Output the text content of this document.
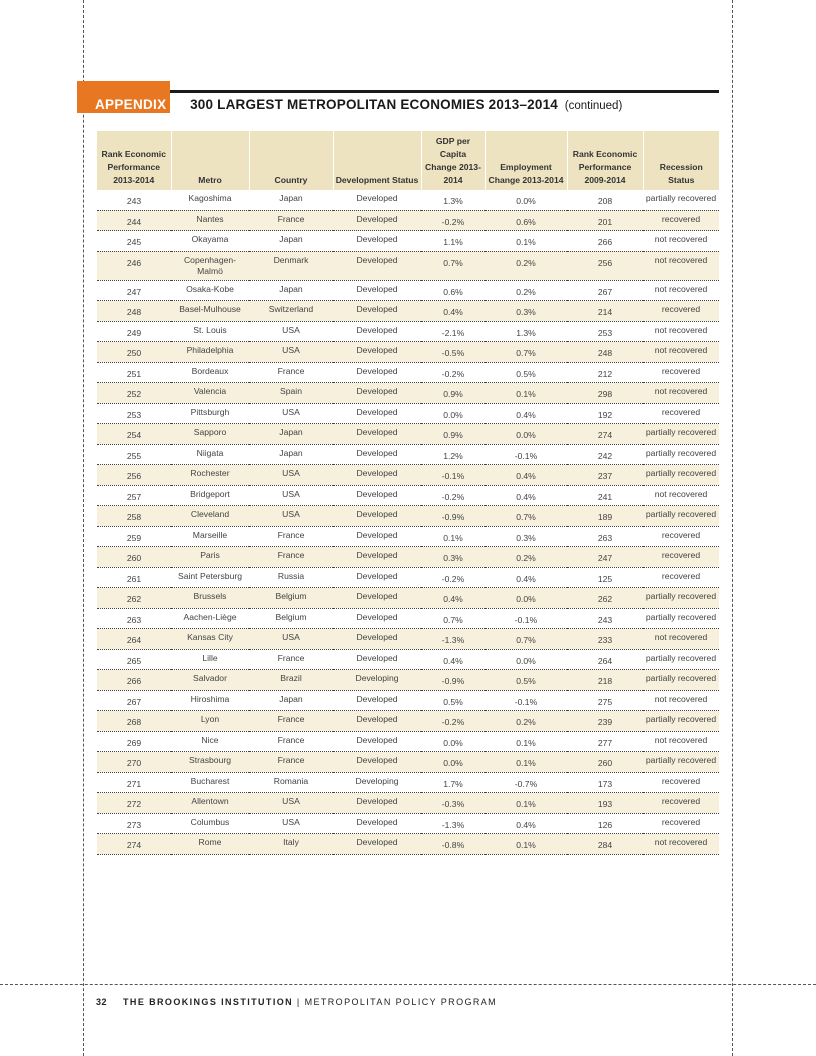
APPENDIX A. 300 LARGEST METROPOLITAN ECONOMIES 2013–2014 (continued)
Rank Economic Performance 2013-2014	Metro	Country	Development Status	GDP per Capita Change 2013-2014	Employment Change 2013-2014	Rank Economic Performance 2009-2014	Recession Status
243	Kagoshima	Japan	Developed	1.3%	0.0%	208	partially recovered
244	Nantes	France	Developed	-0.2%	0.6%	201	recovered
245	Okayama	Japan	Developed	1.1%	0.1%	266	not recovered
246	Copenhagen-Malmö	Denmark	Developed	0.7%	0.2%	256	not recovered
247	Osaka-Kobe	Japan	Developed	0.6%	0.2%	267	not recovered
248	Basel-Mulhouse	Switzerland	Developed	0.4%	0.3%	214	recovered
249	St. Louis	USA	Developed	-2.1%	1.3%	253	not recovered
250	Philadelphia	USA	Developed	-0.5%	0.7%	248	not recovered
251	Bordeaux	France	Developed	-0.2%	0.5%	212	recovered
252	Valencia	Spain	Developed	0.9%	0.1%	298	not recovered
253	Pittsburgh	USA	Developed	0.0%	0.4%	192	recovered
254	Sapporo	Japan	Developed	0.9%	0.0%	274	partially recovered
255	Niigata	Japan	Developed	1.2%	-0.1%	242	partially recovered
256	Rochester	USA	Developed	-0.1%	0.4%	237	partially recovered
257	Bridgeport	USA	Developed	-0.2%	0.4%	241	not recovered
258	Cleveland	USA	Developed	-0.9%	0.7%	189	partially recovered
259	Marseille	France	Developed	0.1%	0.3%	263	recovered
260	Paris	France	Developed	0.3%	0.2%	247	recovered
261	Saint Petersburg	Russia	Developed	-0.2%	0.4%	125	recovered
262	Brussels	Belgium	Developed	0.4%	0.0%	262	partially recovered
263	Aachen-Liège	Belgium	Developed	0.7%	-0.1%	243	partially recovered
264	Kansas City	USA	Developed	-1.3%	0.7%	233	not recovered
265	Lille	France	Developed	0.4%	0.0%	264	partially recovered
266	Salvador	Brazil	Developing	-0.9%	0.5%	218	partially recovered
267	Hiroshima	Japan	Developed	0.5%	-0.1%	275	not recovered
268	Lyon	France	Developed	-0.2%	0.2%	239	partially recovered
269	Nice	France	Developed	0.0%	0.1%	277	not recovered
270	Strasbourg	France	Developed	0.0%	0.1%	260	partially recovered
271	Bucharest	Romania	Developing	1.7%	-0.7%	173	recovered
272	Allentown	USA	Developed	-0.3%	0.1%	193	recovered
273	Columbus	USA	Developed	-1.3%	0.4%	126	recovered
274	Rome	Italy	Developed	-0.8%	0.1%	284	not recovered
32 THE BROOKINGS INSTITUTION | METROPOLITAN POLICY PROGRAM
